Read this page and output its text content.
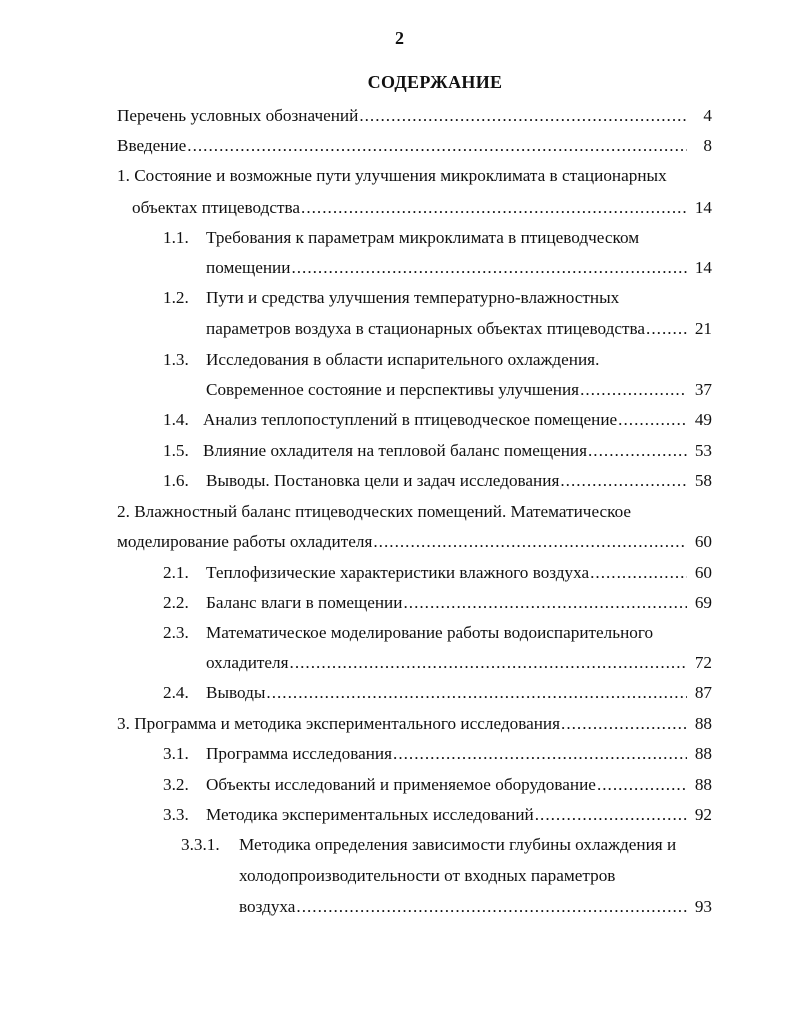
2
СОДЕРЖАНИЕ
Перечень условных обозначений .....	4
Введение .....	8
1. Состояние и возможные пути улучшения микроклимата в стационарных
объектах птицеводства .....	14
1.1. Требования к параметрам микроклимата в птицеводческом
помещении .....	14
1.2. Пути и средства улучшения температурно-влажностных
параметров воздуха в стационарных объектах птицеводства .....	21
1.3. Исследования в области испарительного охлаждения.
Современное состояние и перспективы улучшения .....	37
1.4. Анализ теплопоступлений в птицеводческое помещение .....	49
1.5. Влияние охладителя на тепловой баланс помещения .....	53
1.6. Выводы. Постановка цели и задач исследования .....	58
2. Влажностный баланс птицеводческих помещений. Математическое
моделирование работы охладителя .....	60
2.1. Теплофизические характеристики влажного воздуха .....	60
2.2. Баланс влаги в помещении .....	69
2.3. Математическое моделирование работы водоиспарительного
охладителя .....	72
2.4. Выводы .....	87
3. Программа и методика экспериментального исследования .....	88
3.1. Программа исследования .....	88
3.2. Объекты исследований и применяемое оборудование .....	88
3.3. Методика экспериментальных исследований .....	92
3.3.1. Методика определения зависимости глубины охлаждения и
холодопроизводительности от входных параметров
воздуха .....	93
